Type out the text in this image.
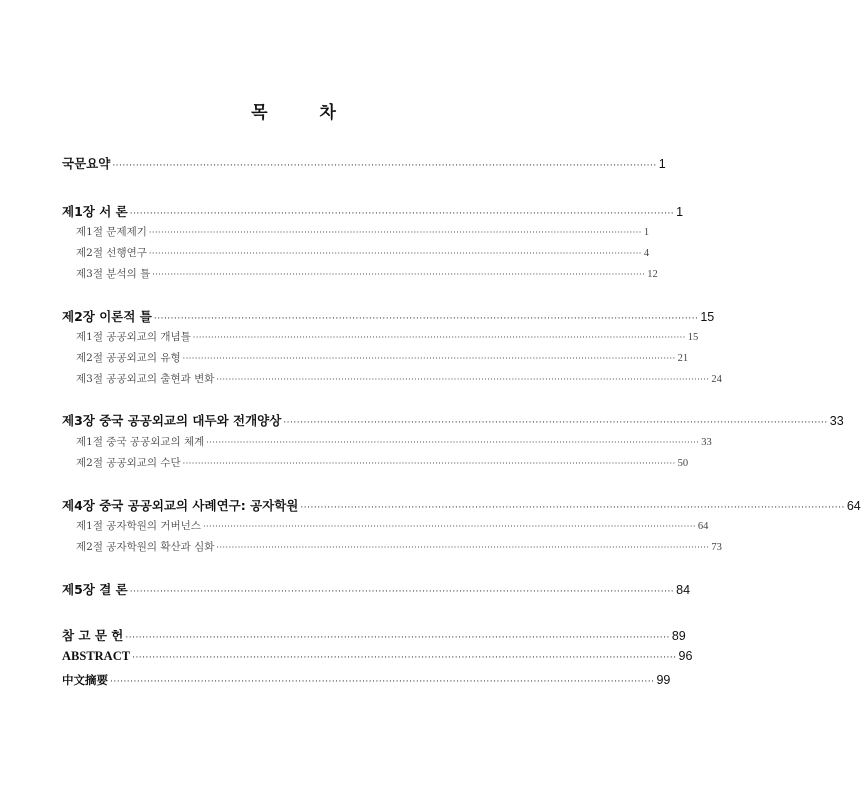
목 차
국문요약 ·································································································································································· 1
제1장 서 론 ·································································································································································· 1
제1절 문제제기 ·································································································································································· 1
제2절 선행연구 ·································································································································································· 4
제3절 분석의 틀 ·································································································································································· 12
제2장 이론적 틀 ·································································································································································· 15
제1절 공공외교의 개념틀 ·································································································································································· 15
제2절 공공외교의 유형 ·································································································································································· 21
제3절 공공외교의 출현과 변화 ·································································································································································· 24
제3장 중국 공공외교의 대두와 전개양상 ·································································································································································· 33
제1절 중국 공공외교의 체계 ·································································································································································· 33
제2절 공공외교의 수단 ·································································································································································· 50
제4장 중국 공공외교의 사례연구: 공자학원 ·································································································································································· 64
제1절 공자학원의 거버넌스 ·································································································································································· 64
제2절 공자학원의 확산과 심화 ·································································································································································· 73
제5장 결 론 ·································································································································································· 84
참 고 문 헌 ·································································································································································· 89
ABSTRACT ·································································································································································· 96
中文摘要 ·································································································································································· 99
